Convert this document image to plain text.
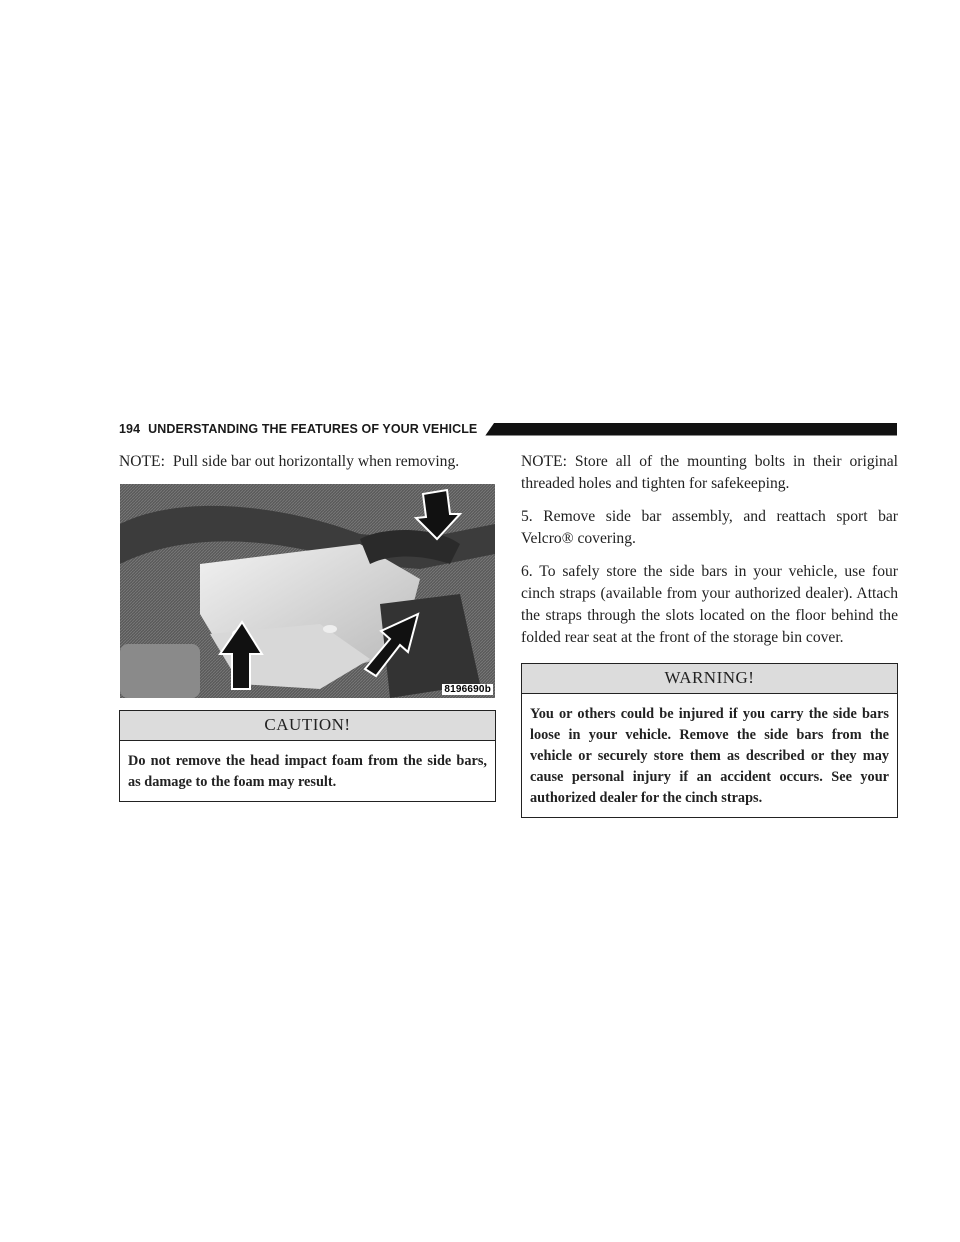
194 UNDERSTANDING THE FEATURES OF YOUR VEHICLE

NOTE: Pull side bar out horizontally when removing.

8196690b
CAUTION!
Do not remove the head impact foam from the side bars, as damage to the foam may result.

NOTE: Store all of the mounting bolts in their original threaded holes and tighten for safekeeping.

5. Remove side bar assembly, and reattach sport bar Velcro® covering.

6. To safely store the side bars in your vehicle, use four cinch straps (available from your authorized dealer). Attach the straps through the slots located on the floor behind the folded rear seat at the front of the storage bin cover.

WARNING!
You or others could be injured if you carry the side bars loose in your vehicle. Remove the side bars from the vehicle or securely store them as described or they may cause personal injury if an accident occurs. See your authorized dealer for the cinch straps.
